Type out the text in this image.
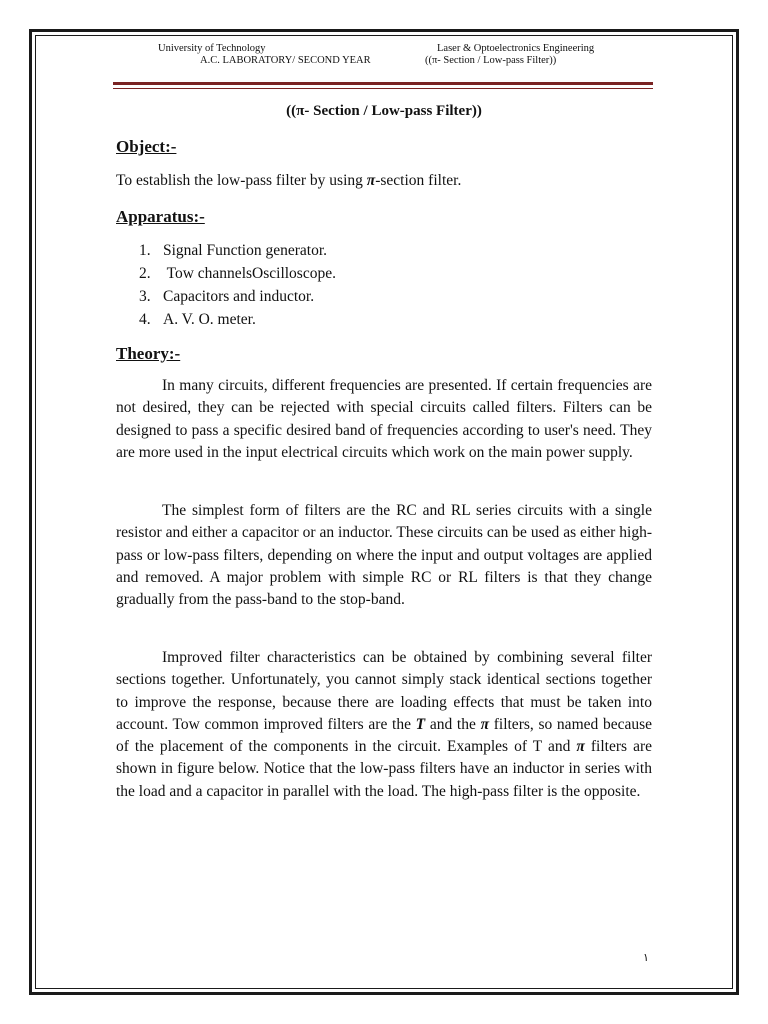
University of Technology
A.C. LABORATORY/ SECOND YEAR
Laser & Optoelectronics Engineering
((π- Section / Low-pass Filter))
((π- Section / Low-pass Filter))
Object:-
To establish the low-pass filter by using π-section filter.
Apparatus:-
1. Signal Function generator.
2. Tow channelsOscilloscope.
3. Capacitors and inductor.
4. A. V. O. meter.
Theory:-
In many circuits, different frequencies are presented. If certain frequencies are not desired, they can be rejected with special circuits called filters. Filters can be designed to pass a specific desired band of frequencies according to user's need. They are more used in the input electrical circuits which work on the main power supply.
The simplest form of filters are the RC and RL series circuits with a single resistor and either a capacitor or an inductor. These circuits can be used as either high-pass or low-pass filters, depending on where the input and output voltages are applied and removed. A major problem with simple RC or RL filters is that they change gradually from the pass-band to the stop-band.
Improved filter characteristics can be obtained by combining several filter sections together. Unfortunately, you cannot simply stack identical sections together to improve the response, because there are loading effects that must be taken into account. Tow common improved filters are the T and the π filters, so named because of the placement of the components in the circuit. Examples of T and π filters are shown in figure below. Notice that the low-pass filters have an inductor in series with the load and a capacitor in parallel with the load. The high-pass filter is the opposite.
١
